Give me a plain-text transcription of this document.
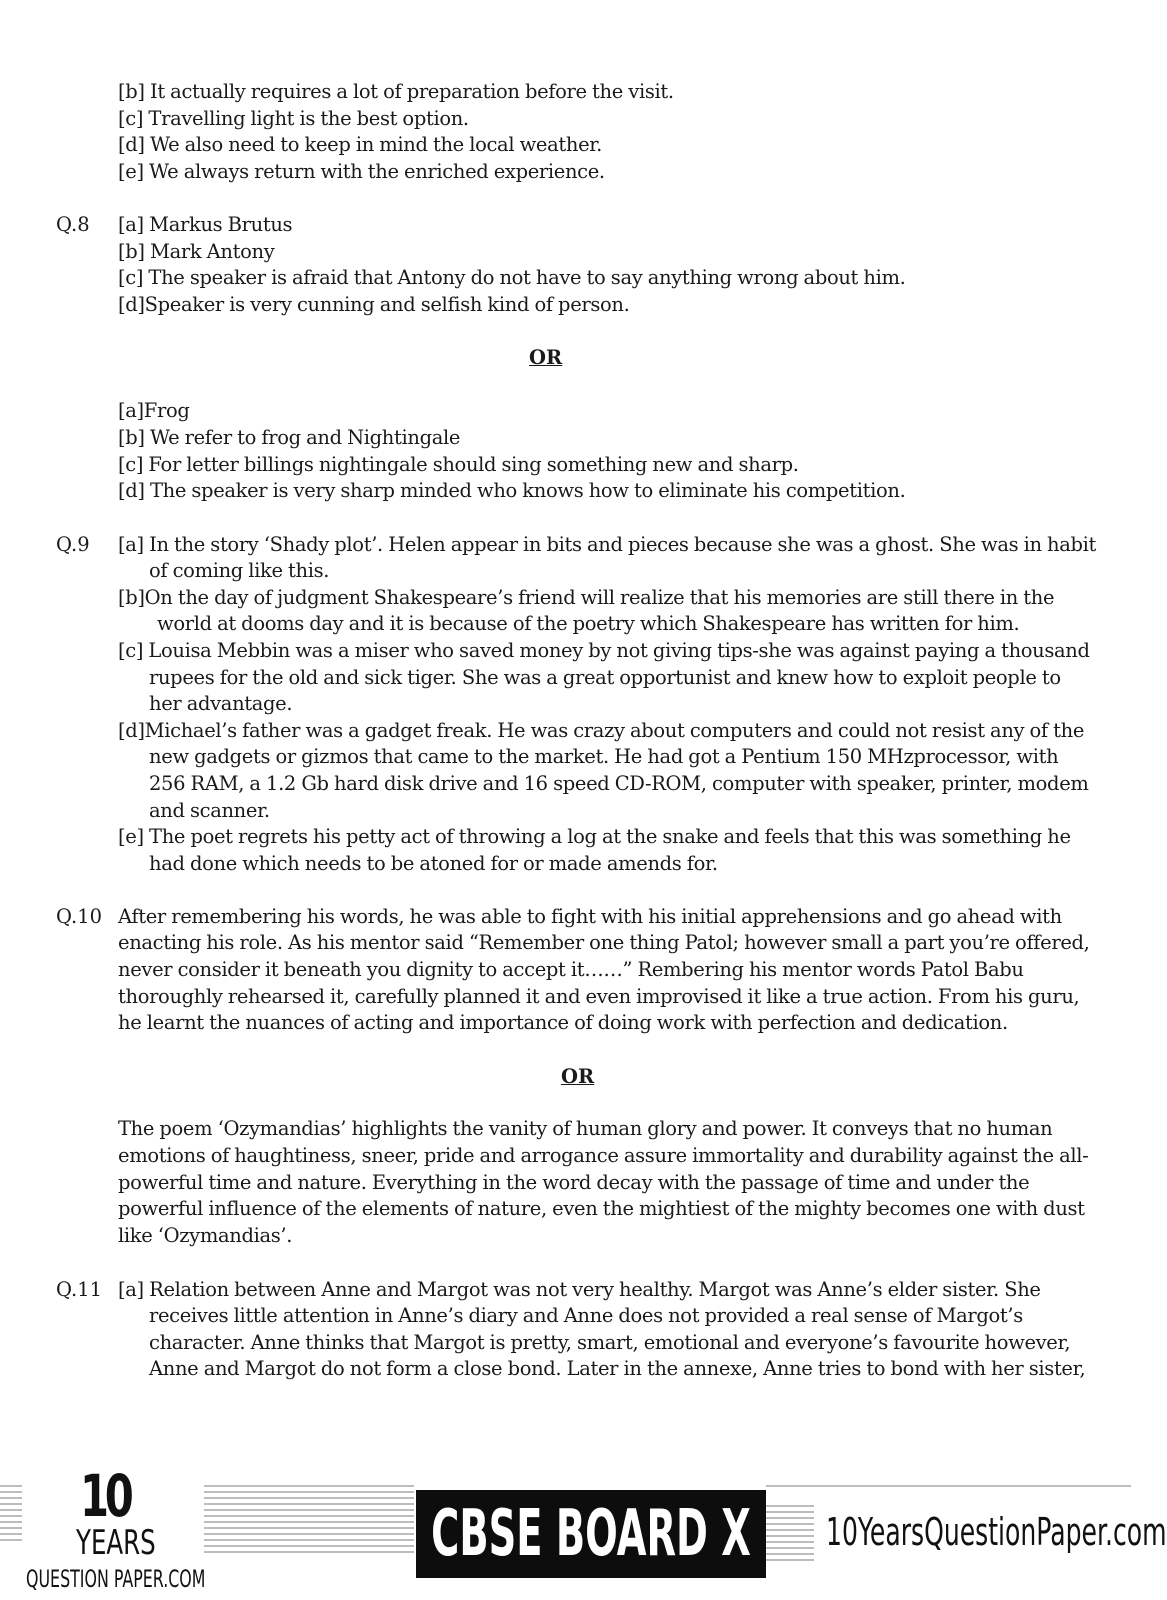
[b] It actually requires a lot of preparation before the visit.
[c] Travelling light is the best option.
[d] We also need to keep in mind the local weather.
[e] We always return with the enriched experience.
Q.8 [a] Markus Brutus
[b] Mark Antony
[c] The speaker is afraid that Antony do not have to say anything wrong about him.
[d]Speaker is very cunning and selfish kind of person.
OR
[a]Frog
[b] We refer to frog and Nightingale
[c] For letter billings nightingale should sing something new and sharp.
[d] The speaker is very sharp minded who knows how to eliminate his competition.
Q.9 [a] In the story ‘Shady plot’. Helen appear in bits and pieces because she was a ghost. She was in habit
of coming like this.
[b]On the day of judgment Shakespeare’s friend will realize that his memories are still there in the
world at dooms day and it is because of the poetry which Shakespeare has written for him.
[c] Louisa Mebbin was a miser who saved money by not giving tips-she was against paying a thousand
rupees for the old and sick tiger. She was a great opportunist and knew how to exploit people to
her advantage.
[d]Michael’s father was a gadget freak. He was crazy about computers and could not resist any of the
new gadgets or gizmos that came to the market. He had got a Pentium 150 MHzprocessor, with
256 RAM, a 1.2 Gb hard disk drive and 16 speed CD-ROM, computer with speaker, printer, modem
and scanner.
[e] The poet regrets his petty act of throwing a log at the snake and feels that this was something he
had done which needs to be atoned for or made amends for.
Q.10 After remembering his words, he was able to fight with his initial apprehensions and go ahead with
enacting his role. As his mentor said “Remember one thing Patol; however small a part you’re offered,
never consider it beneath you dignity to accept it……” Rembering his mentor words Patol Babu
thoroughly rehearsed it, carefully planned it and even improvised it like a true action. From his guru,
he learnt the nuances of acting and importance of doing work with perfection and dedication.
OR
The poem ‘Ozymandias’ highlights the vanity of human glory and power. It conveys that no human
emotions of haughtiness, sneer, pride and arrogance assure immortality and durability against the all-
powerful time and nature. Everything in the word decay with the passage of time and under the
powerful influence of the elements of nature, even the mightiest of the mighty becomes one with dust
like ‘Ozymandias’.
Q.11 [a] Relation between Anne and Margot was not very healthy. Margot was Anne’s elder sister. She
receives little attention in Anne’s diary and Anne does not provided a real sense of Margot’s
character. Anne thinks that Margot is pretty, smart, emotional and everyone’s favourite however,
Anne and Margot do not form a close bond. Later in the annexe, Anne tries to bond with her sister,
10
YEARS
QUESTION PAPER.COM
CBSE BOARD X 10YearsQuestionPaper.com
